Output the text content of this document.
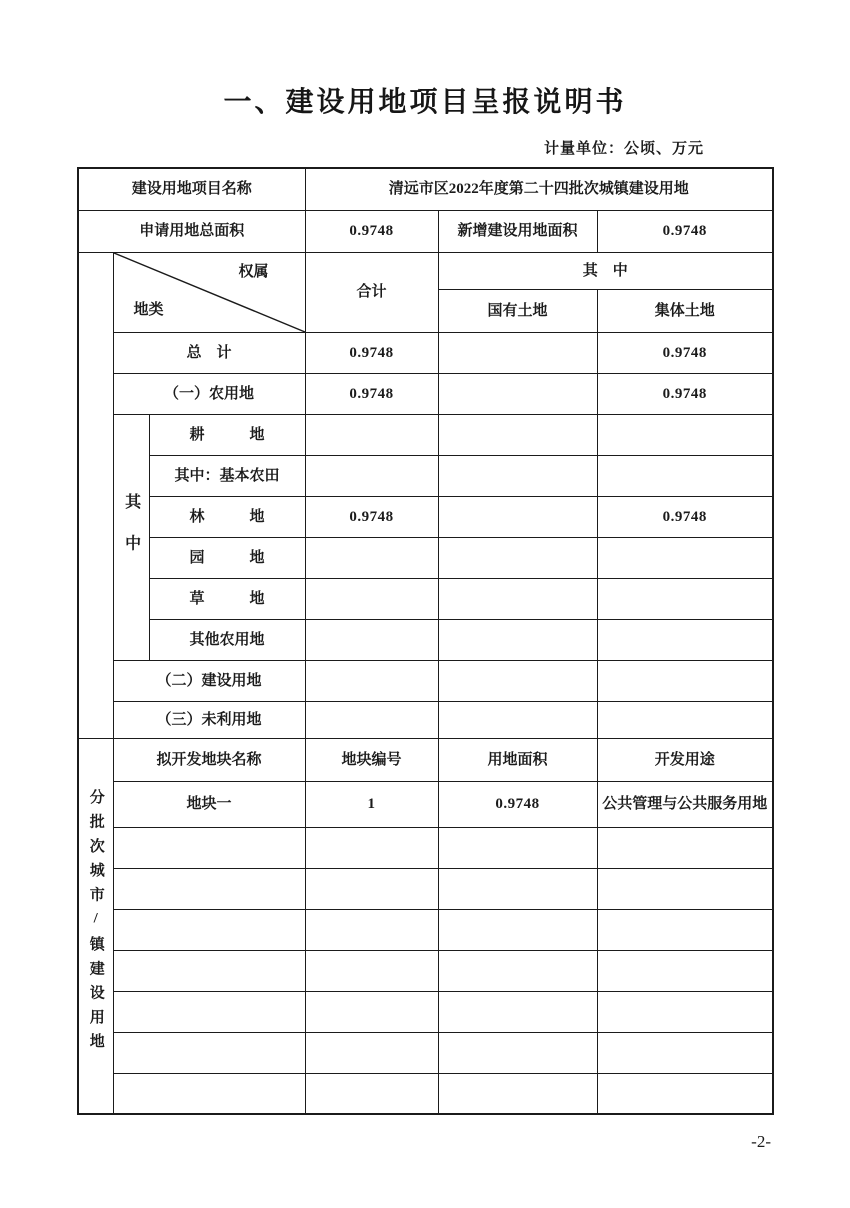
一、建设用地项目呈报说明书
计量单位：公顷、万元
建设用地项目名称			清远市区2022年度第二十四批次城镇建设用地		
申请用地总面积			0.9748	新增建设用地面积	0.9748

	权属
地类		合计	其　中	
				国有土地	集体土地
	总　计		0.9748		0.9748
	（一）农用地		0.9748		0.9748
	其中	耕　　　地			
		其中：基本农田			
		林　　　地	0.9748		0.9748
		园　　　地			
		草　　　地			
		其他农用地			
	（二）建设用地				
	（三）未利用地				
分批次城市/镇建设用地	拟开发地块名称		地块编号	用地面积	开发用途
	地块一		1	0.9748	公共管理与公共服务用地

-2-
